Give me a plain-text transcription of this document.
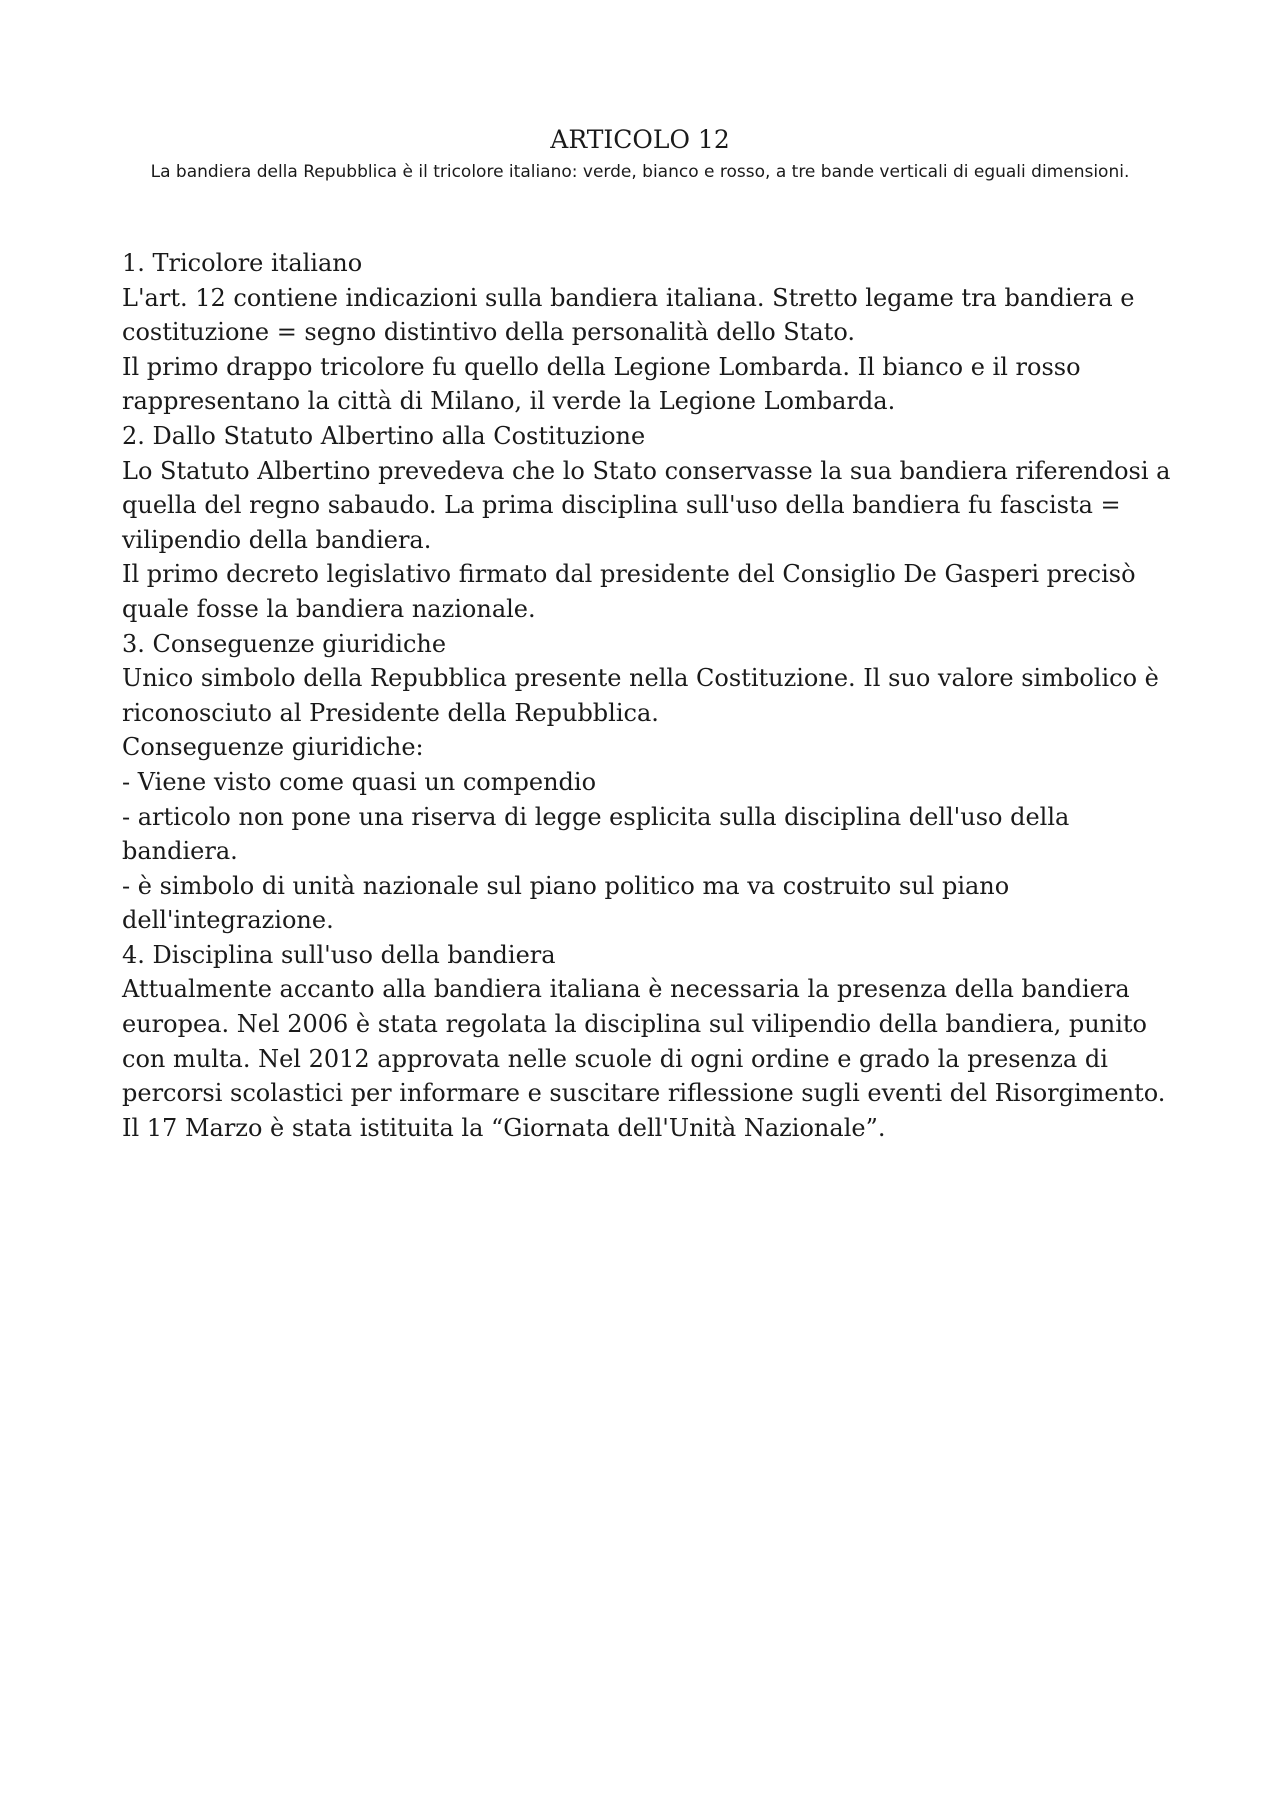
ARTICOLO 12

La bandiera della Repubblica è il tricolore italiano: verde, bianco e rosso, a tre bande verticali di eguali dimensioni.

1. Tricolore italiano

L'art. 12 contiene indicazioni sulla bandiera italiana. Stretto legame tra bandiera e costituzione = segno distintivo della personalità dello Stato.

Il primo drappo tricolore fu quello della Legione Lombarda. Il bianco e il rosso rappresentano la città di Milano, il verde la Legione Lombarda.

2. Dallo Statuto Albertino alla Costituzione

Lo Statuto Albertino prevedeva che lo Stato conservasse la sua bandiera riferendosi a quella del regno sabaudo. La prima disciplina sull'uso della bandiera fu fascista = vilipendio della bandiera.

Il primo decreto legislativo firmato dal presidente del Consiglio De Gasperi precisò quale fosse la bandiera nazionale.

3. Conseguenze giuridiche

Unico simbolo della Repubblica presente nella Costituzione. Il suo valore simbolico è riconosciuto al Presidente della Repubblica.

Conseguenze giuridiche:

- Viene visto come quasi un compendio

- articolo non pone una riserva di legge esplicita sulla disciplina dell'uso della bandiera.

- è simbolo di unità nazionale sul piano politico ma va costruito sul piano dell'integrazione.

4. Disciplina sull'uso della bandiera

Attualmente accanto alla bandiera italiana è necessaria la presenza della bandiera europea. Nel 2006 è stata regolata la disciplina sul vilipendio della bandiera, punito con multa. Nel 2012 approvata nelle scuole di ogni ordine e grado la presenza di percorsi scolastici per informare e suscitare riflessione sugli eventi del Risorgimento.

Il 17 Marzo è stata istituita la “Giornata dell'Unità Nazionale”.
